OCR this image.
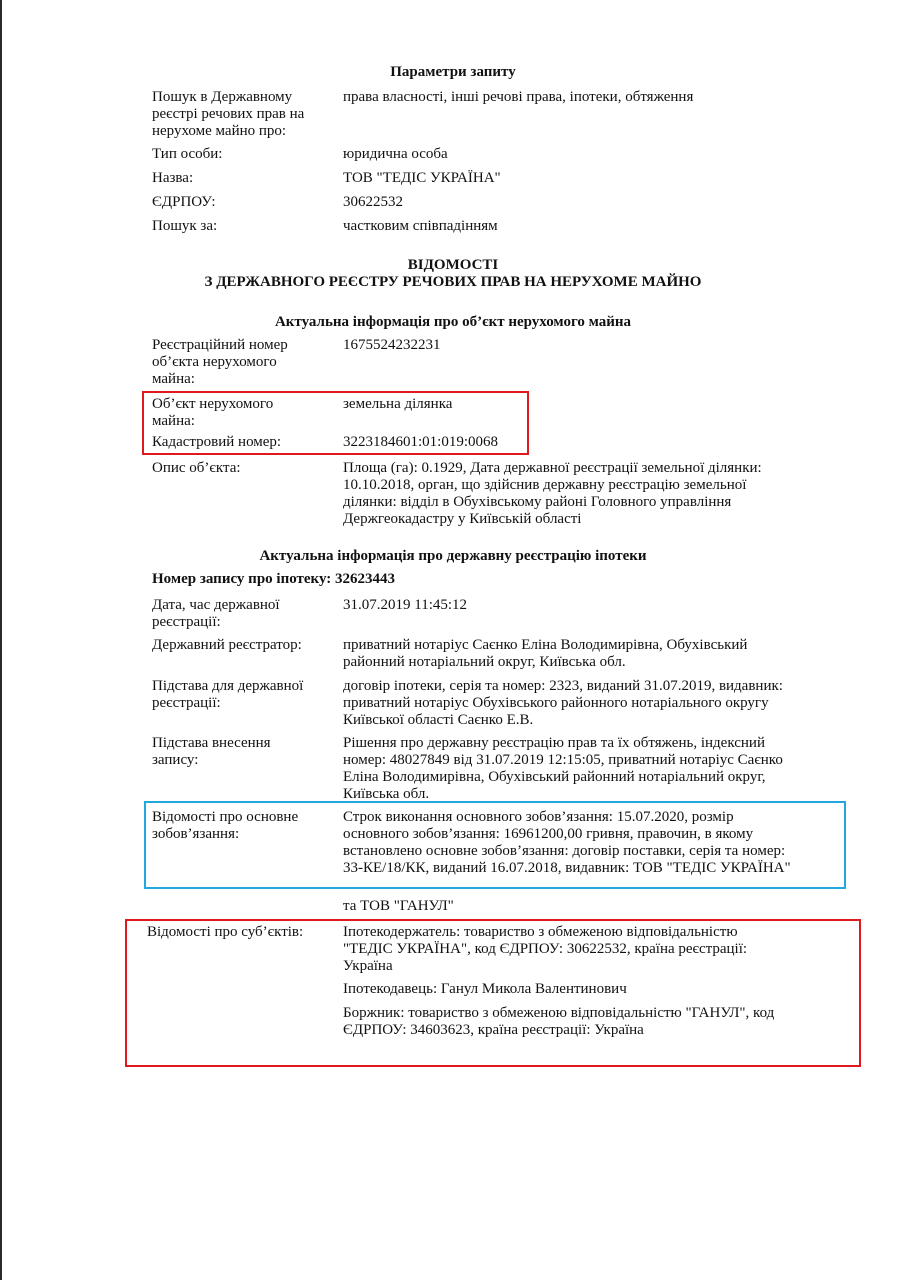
Параметри запиту
Пошук в Державному
реєстрі речових прав на
нерухоме майно про:
права власності, інші речові права, іпотеки, обтяження
Тип особи:	юридична особа
Назва:	ТОВ "ТЕДІС УКРАЇНА"
ЄДРПОУ:	30622532
Пошук за:	частковим співпадінням
ВІДОМОСТІ
З ДЕРЖАВНОГО РЕЄСТРУ РЕЧОВИХ ПРАВ НА НЕРУХОМЕ МАЙНО
Актуальна інформація про об’єкт нерухомого майна
Реєстраційний номер
об’єкта нерухомого
майна:
1675524232231
Об’єкт нерухомого
майна:
земельна ділянка
Кадастровий номер:	3223184601:01:019:0068
Опис об’єкта:	Площа (га): 0.1929, Дата державної реєстрації земельної ділянки:
10.10.2018, орган, що здійснив державну реєстрацію земельної
ділянки: відділ в Обухівському районі Головного управління
Держгеокадастру у Київській області
Актуальна інформація про державну реєстрацію іпотеки
Номер запису про іпотеку: 32623443
Дата, час державної
реєстрації:
31.07.2019 11:45:12
Державний реєстратор:	приватний нотаріус Саєнко Еліна Володимирівна, Обухівський
районний нотаріальний округ, Київська обл.
Підстава для державної
реєстрації:
договір іпотеки, серія та номер: 2323, виданий 31.07.2019, видавник:
приватний нотаріус Обухівського районного нотаріального округу
Київської області Саєнко Е.В.
Підстава внесення
запису:
Рішення про державну реєстрацію прав та їх обтяжень, індексний
номер: 48027849 від 31.07.2019 12:15:05, приватний нотаріус Саєнко
Еліна Володимирівна, Обухівський районний нотаріальний округ,
Київська обл.
Відомості про основне
зобов’язання:
Строк виконання основного зобов’язання: 15.07.2020, розмір
основного зобов’язання: 16961200,00 гривня, правочин, в якому
встановлено основне зобов’язання: договір поставки, серія та номер:
33-КЕ/18/КК, виданий 16.07.2018, видавник: ТОВ "ТЕДІС УКРАЇНА"
та ТОВ "ГАНУЛ"
Відомості про суб’єктів:	Іпотекодержатель: товариство з обмеженою відповідальністю
"ТЕДІС УКРАЇНА", код ЄДРПОУ: 30622532, країна реєстрації:
Україна
Іпотекодавець: Ганул Микола Валентинович
Боржник: товариство з обмеженою відповідальністю "ГАНУЛ", код
ЄДРПОУ: 34603623, країна реєстрації: Україна
